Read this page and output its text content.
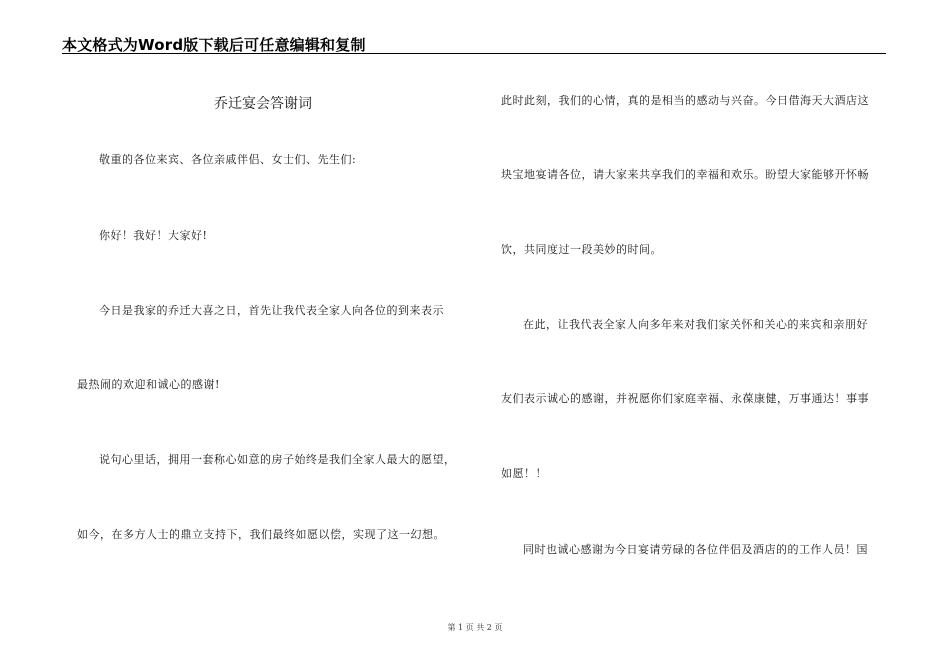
本文格式为Word版下载后可任意编辑和复制
乔迁宴会答谢词
敬重的各位来宾、各位亲戚伴侣、女士们、先生们:
你好！我好！大家好!
今日是我家的乔迁大喜之日，首先让我代表全家人向各位的到来表示
最热闹的欢迎和诚心的感谢!
说句心里话，拥用一套称心如意的房子始终是我们全家人最大的愿望，
如今，在多方人士的鼎立支持下，我们最终如愿以偿，实现了这一幻想。
此时此刻，我们的心情，真的是相当的感动与兴奋。今日借海天大酒店这
块宝地宴请各位，请大家来共享我们的幸福和欢乐。盼望大家能够开怀畅
饮，共同度过一段美妙的时间。
在此，让我代表全家人向多年来对我们家关怀和关心的来宾和亲朋好
友们表示诚心的感谢，并祝愿你们家庭幸福、永葆康健，万事通达！事事
如愿！！
同时也诚心感谢为今日宴请劳碌的各位伴侣及酒店的的工作人员！国
第 1 页 共 2 页
